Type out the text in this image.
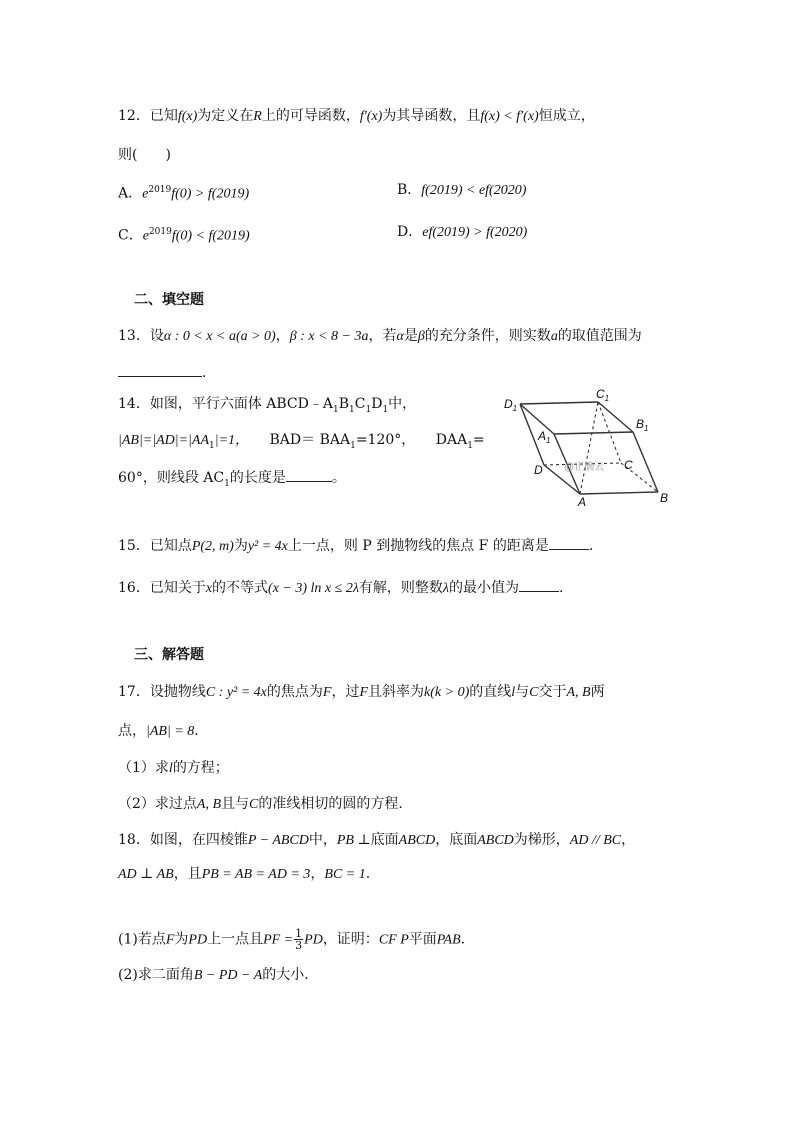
12．已知f(x)为定义在R上的可导函数，f′(x)为其导函数，且f(x) < f′(x)恒成立，
则(　　)
A．$e^{2019}f(0) > f(2019)$	B．f(2019) < ef(2020)
C．$e^{2019}f(0) < f(2019)$	D．ef(2019) > f(2020)
二、填空题
13．设α : 0 < x < a(a > 0)，β : x < 8 − 3a，若α是β的充分条件，则实数a的取值范围为
.
14．如图，平行六面体 $ABCD﹣A_1B_1C_1D_1$中，
$|AB|=|AD|=|AA_1|=1$， $BAD= BAA_1=120^\circ$， $DAA_1=$
60°，则线段 $AC_1$的长度是	。
@正确云
$D_1$
$C_1$
$B_1$
$A_1$
D	C
A	B
15．已知点P(2, m)为y² = 4x上一点，则 P 到抛物线的焦点 F 的距离是	.
16．已知关于x的不等式(x − 3) ln x ≤ 2λ有解，则整数λ的最小值为	.
三、解答题
17．设抛物线C : y² = 4x的焦点为F，过F且斜率为k(k > 0)的直线l与C交于A, B两
点，|AB| = 8.
（1）求l的方程；
（2）求过点A, B且与C的准线相切的圆的方程.
18．如图，在四棱锥P − ABCD中，PB ⊥底面ABCD，底面ABCD为梯形，AD // BC，
AD ⊥ AB，且PB = AB = AD = 3，BC = 1.
(1)若点F为PD上一点且PF = $\frac{1}{3}$ PD，证明：CF P平面PAB.
(2)求二面角B − PD − A的大小.
